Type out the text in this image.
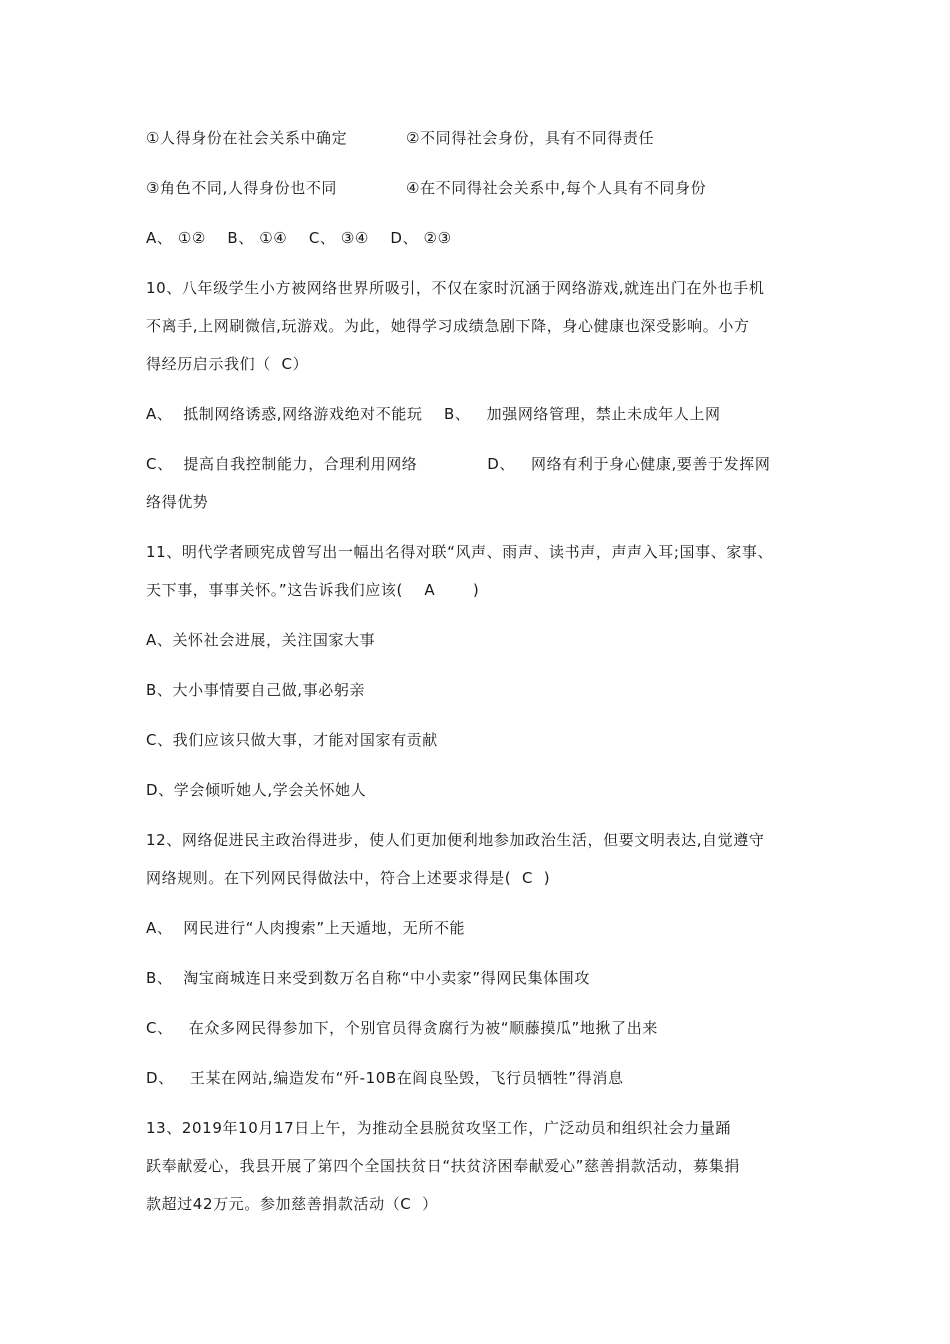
①人得身份在社会关系中确定	②不同得社会身份，具有不同得责任
③角色不同,人得身份也不同	④在不同得社会关系中,每个人具有不同身份
A、 ①②    B、 ①④    C、 ③④    D、 ②③
10、八年级学生小方被网络世界所吸引，不仅在家时沉涵于网络游戏,就连出门在外也手机
不离手,上网刷微信,玩游戏。为此，她得学习成绩急剧下降，身心健康也深受影响。小方
得经历启示我们（  C）
A、  抵制网络诱惑,网络游戏绝对不能玩    B、   加强网络管理，禁止未成年人上网
C、  提高自我控制能力，合理利用网络             D、   网络有利于身心健康,要善于发挥网
络得优势
11、明代学者顾宪成曾写出一幅出名得对联“风声、雨声、读书声，声声入耳;国事、家事、
天下事，事事关怀。”这告诉我们应该(    A       )
A、关怀社会进展，关注国家大事
B、大小事情要自己做,事必躬亲
C、我们应该只做大事，才能对国家有贡献
D、学会倾听她人,学会关怀她人
12、网络促进民主政治得进步，使人们更加便利地参加政治生活，但要文明表达,自觉遵守
网络规则。在下列网民得做法中，符合上述要求得是(  C  )
A、  网民进行“人肉搜索”上天遁地，无所不能
B、  淘宝商城连日来受到数万名自称“中小卖家”得网民集体围攻
C、   在众多网民得参加下，个别官员得贪腐行为被“顺藤摸瓜”地揪了出来
D、   王某在网站,编造发布“歼-10B在阎良坠毁，飞行员牺牲”得消息
13、2019年10月17日上午，为推动全县脱贫攻坚工作，广泛动员和组织社会力量踊
跃奉献爱心，我县开展了第四个全国扶贫日“扶贫济困奉献爱心”慈善捐款活动，募集捐
款超过42万元。参加慈善捐款活动（C  ）
